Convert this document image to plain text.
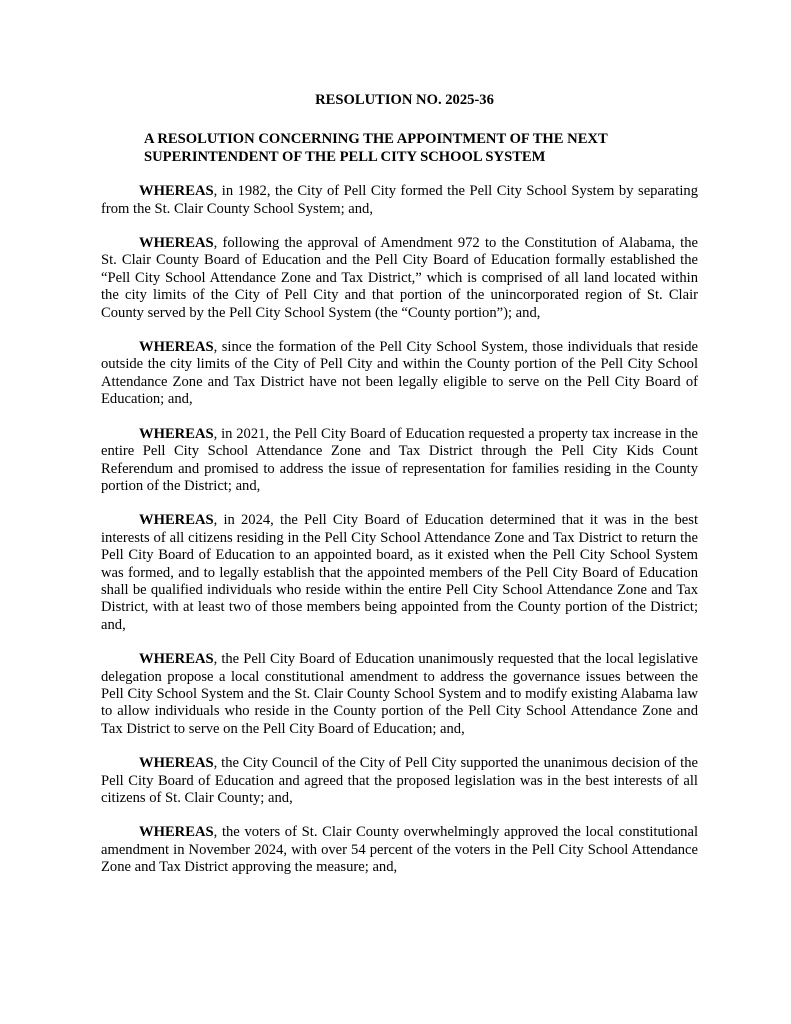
RESOLUTION NO. 2025-36
A RESOLUTION CONCERNING THE APPOINTMENT OF THE NEXT SUPERINTENDENT OF THE PELL CITY SCHOOL SYSTEM

WHEREAS, in 1982, the City of Pell City formed the Pell City School System by separating from the St. Clair County School System; and,

WHEREAS, following the approval of Amendment 972 to the Constitution of Alabama, the St. Clair County Board of Education and the Pell City Board of Education formally established the “Pell City School Attendance Zone and Tax District,” which is comprised of all land located within the city limits of the City of Pell City and that portion of the unincorporated region of St. Clair County served by the Pell City School System (the “County portion”); and,

WHEREAS, since the formation of the Pell City School System, those individuals that reside outside the city limits of the City of Pell City and within the County portion of the Pell City School Attendance Zone and Tax District have not been legally eligible to serve on the Pell City Board of Education; and,

WHEREAS, in 2021, the Pell City Board of Education requested a property tax increase in the entire Pell City School Attendance Zone and Tax District through the Pell City Kids Count Referendum and promised to address the issue of representation for families residing in the County portion of the District; and,

WHEREAS, in 2024, the Pell City Board of Education determined that it was in the best interests of all citizens residing in the Pell City School Attendance Zone and Tax District to return the Pell City Board of Education to an appointed board, as it existed when the Pell City School System was formed, and to legally establish that the appointed members of the Pell City Board of Education shall be qualified individuals who reside within the entire Pell City School Attendance Zone and Tax District, with at least two of those members being appointed from the County portion of the District; and,

WHEREAS, the Pell City Board of Education unanimously requested that the local legislative delegation propose a local constitutional amendment to address the governance issues between the Pell City School System and the St. Clair County School System and to modify existing Alabama law to allow individuals who reside in the County portion of the Pell City School Attendance Zone and Tax District to serve on the Pell City Board of Education; and,

WHEREAS, the City Council of the City of Pell City supported the unanimous decision of the Pell City Board of Education and agreed that the proposed legislation was in the best interests of all citizens of St. Clair County; and,

WHEREAS, the voters of St. Clair County overwhelmingly approved the local constitutional amendment in November 2024, with over 54 percent of the voters in the Pell City School Attendance Zone and Tax District approving the measure; and,
